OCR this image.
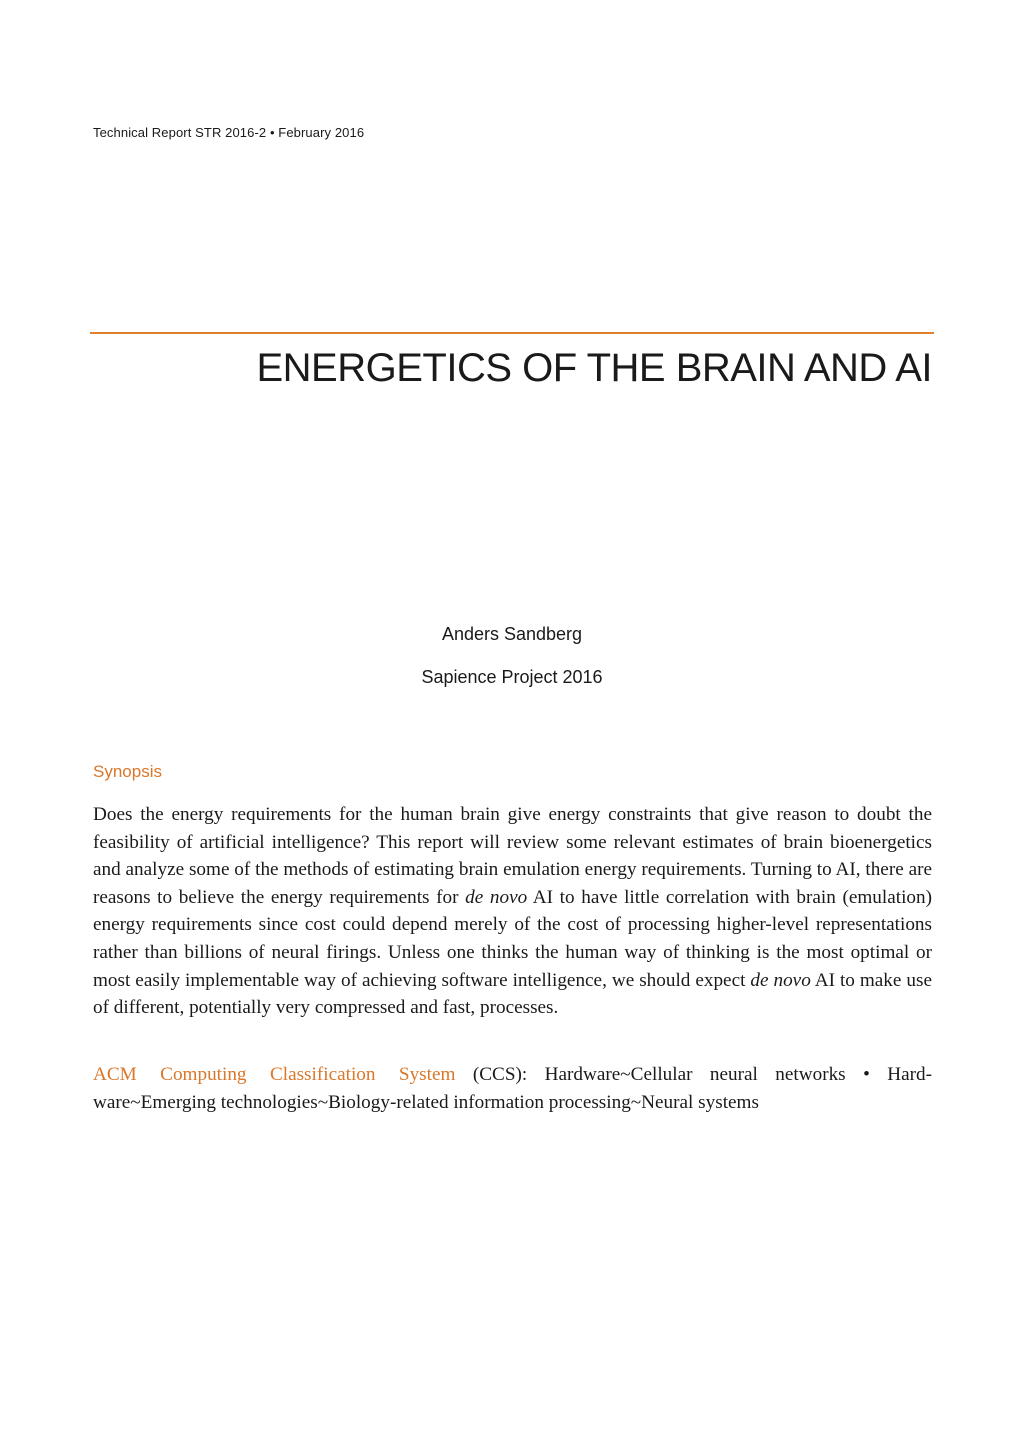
Technical Report STR 2016-2 • February 2016
ENERGETICS OF THE BRAIN AND AI
Anders Sandberg
Sapience Project 2016
Synopsis

Does the energy requirements for the human brain give energy constraints that give reason to doubt the feasibility of artificial intelligence? This report will review some relevant estimates of brain bioenergetics and analyze some of the methods of estimating brain emulation energy requirements. Turning to AI, there are reasons to believe the energy requirements for de novo AI to have little correlation with brain (emulation) energy requirements since cost could depend merely of the cost of processing higher-level representations rather than billions of neural firings. Unless one thinks the human way of thinking is the most optimal or most easily implementable way of achieving software intelligence, we should expect de novo AI to make use of different, potentially very compressed and fast, processes.

ACM Computing Classification System (CCS): Hardware~Cellular neural networks • Hardware~Emerging technologies~Biology-related information processing~Neural systems
